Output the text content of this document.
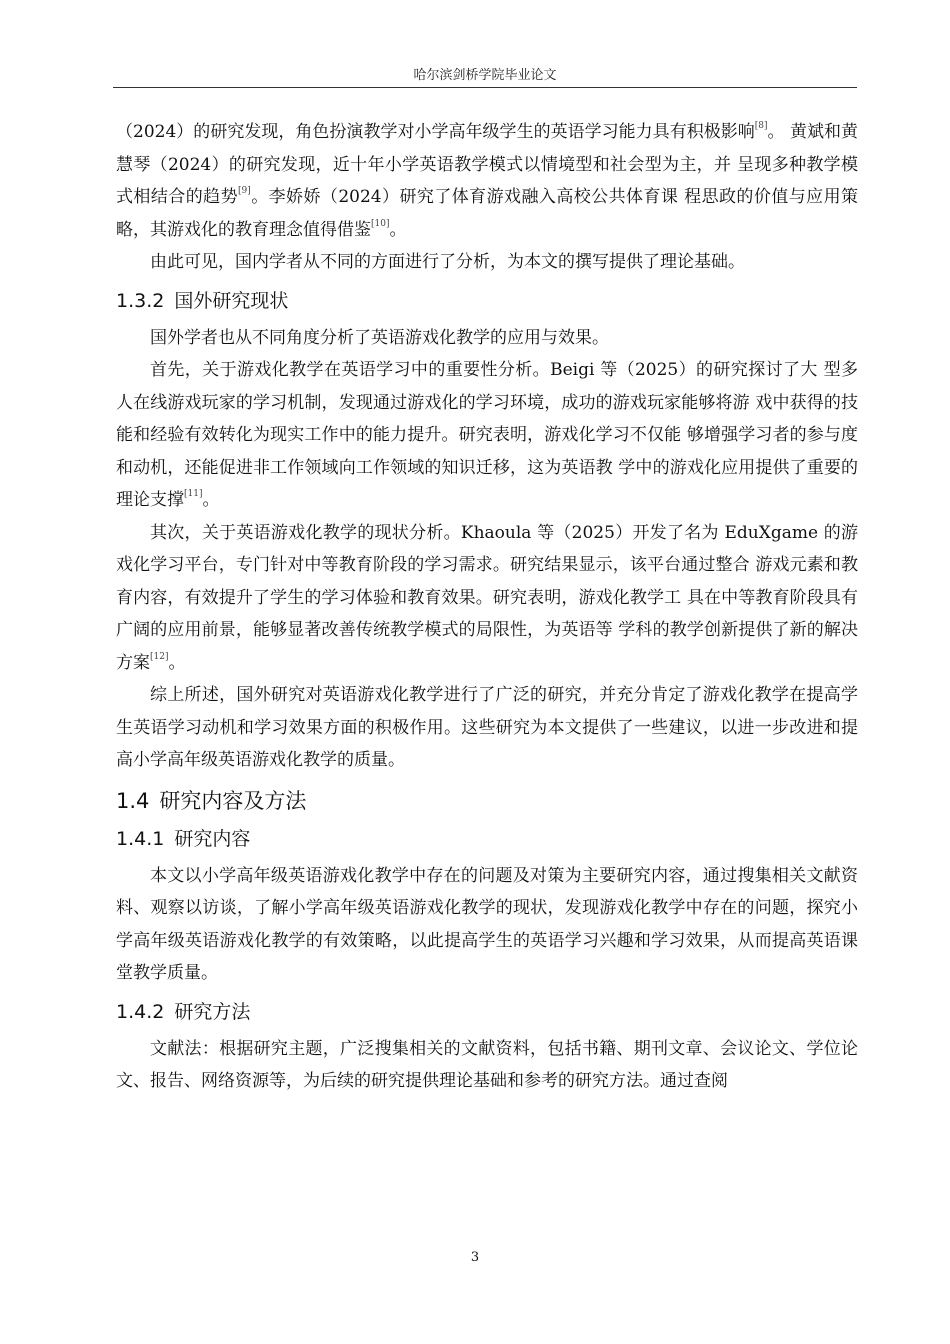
哈尔滨剑桥学院毕业论文

（2024）的研究发现，角色扮演教学对小学高年级学生的英语学习能力具有积极影响[8]。 黄斌和黄慧琴（2024）的研究发现，近十年小学英语教学模式以情境型和社会型为主，并 呈现多种教学模式相结合的趋势[9]。李娇娇（2024）研究了体育游戏融入高校公共体育课 程思政的价值与应用策略，其游戏化的教育理念值得借鉴[10]。

由此可见，国内学者从不同的方面进行了分析，为本文的撰写提供了理论基础。

1.3.2 国外研究现状

国外学者也从不同角度分析了英语游戏化教学的应用与效果。

首先，关于游戏化教学在英语学习中的重要性分析。Beigi 等（2025）的研究探讨了大 型多人在线游戏玩家的学习机制，发现通过游戏化的学习环境，成功的游戏玩家能够将游 戏中获得的技能和经验有效转化为现实工作中的能力提升。研究表明，游戏化学习不仅能 够增强学习者的参与度和动机，还能促进非工作领域向工作领域的知识迁移，这为英语教 学中的游戏化应用提供了重要的理论支撑[11]。

其次，关于英语游戏化教学的现状分析。Khaoula 等（2025）开发了名为 EduXgame 的游戏化学习平台，专门针对中等教育阶段的学习需求。研究结果显示，该平台通过整合 游戏元素和教育内容，有效提升了学生的学习体验和教育效果。研究表明，游戏化教学工 具在中等教育阶段具有广阔的应用前景，能够显著改善传统教学模式的局限性，为英语等 学科的教学创新提供了新的解决方案[12]。

综上所述，国外研究对英语游戏化教学进行了广泛的研究，并充分肯定了游戏化教学在提高学生英语学习动机和学习效果方面的积极作用。这些研究为本文提供了一些建议，以进一步改进和提高小学高年级英语游戏化教学的质量。

1.4 研究内容及方法
1.4.1 研究内容

本文以小学高年级英语游戏化教学中存在的问题及对策为主要研究内容，通过搜集相关文献资料、观察以访谈，了解小学高年级英语游戏化教学的现状，发现游戏化教学中存在的问题，探究小学高年级英语游戏化教学的有效策略，以此提高学生的英语学习兴趣和学习效果，从而提高英语课堂教学质量。

1.4.2 研究方法

文献法：根据研究主题，广泛搜集相关的文献资料，包括书籍、期刊文章、会议论文、学位论文、报告、网络资源等，为后续的研究提供理论基础和参考的研究方法。通过查阅

3
